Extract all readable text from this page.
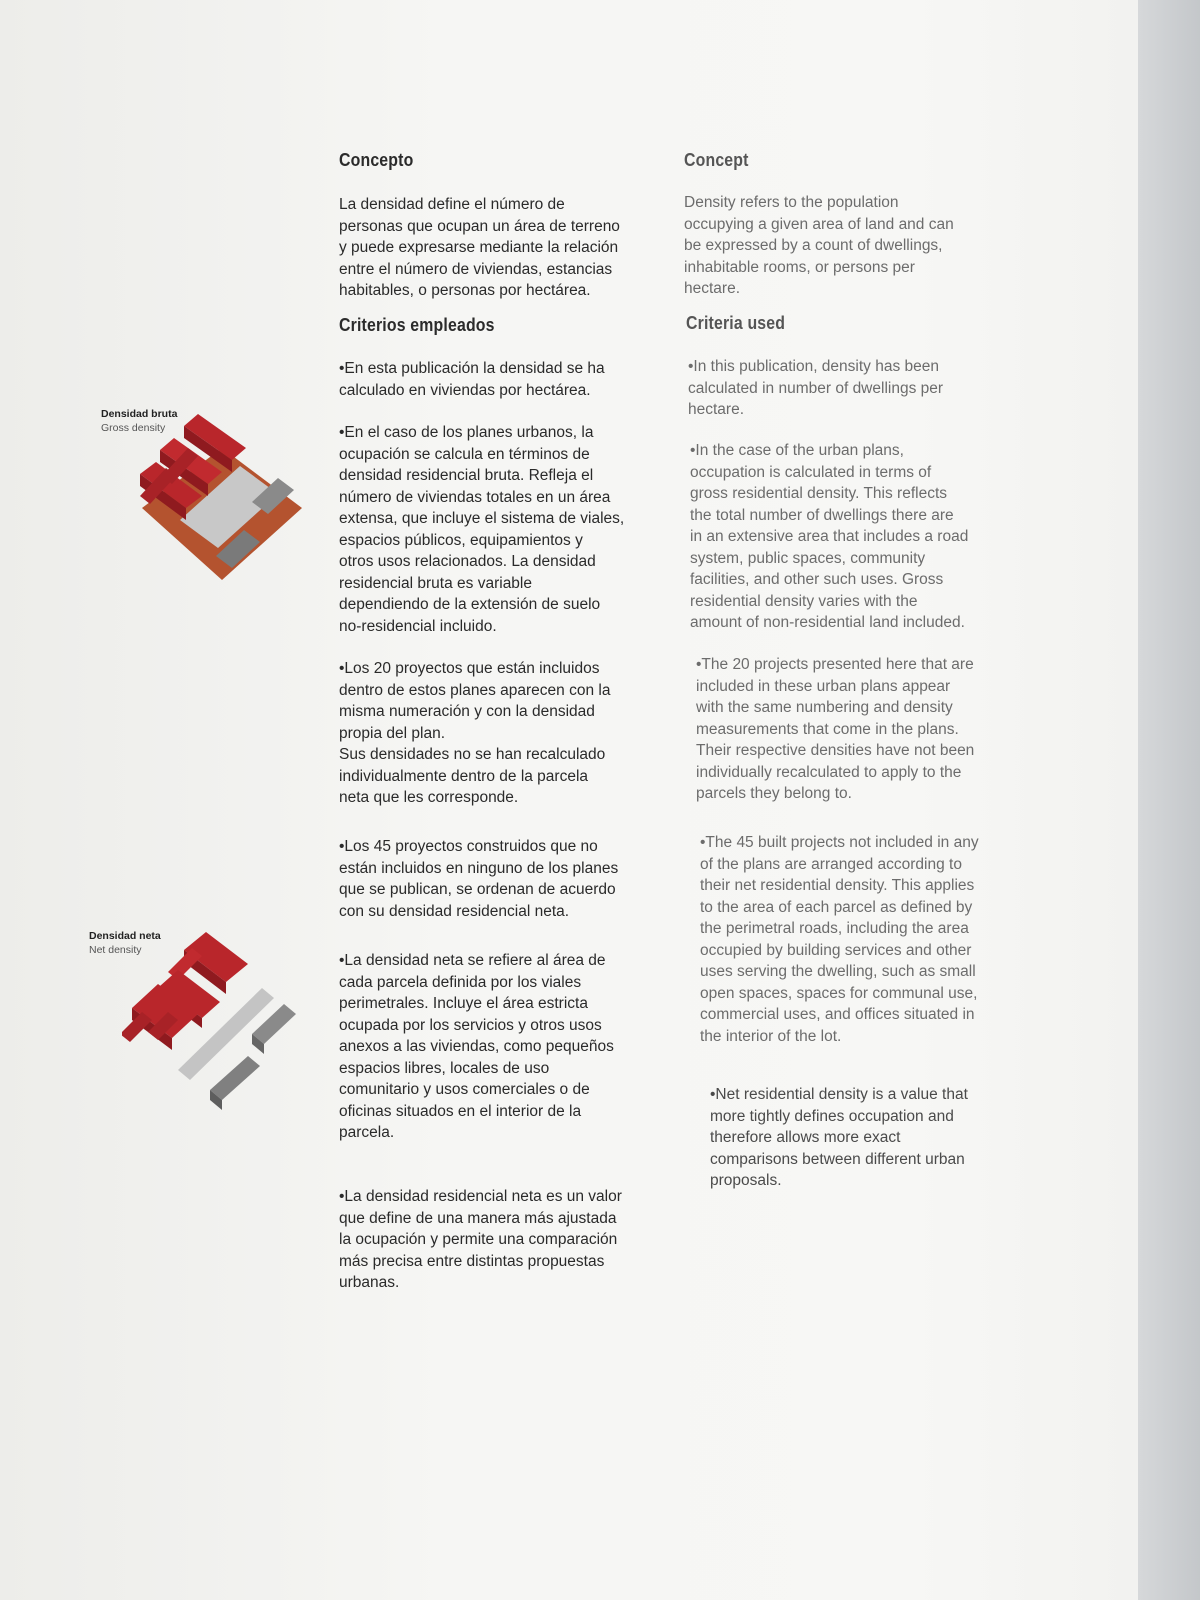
Concepto

La densidad define el número de
personas que ocupan un área de terreno
y puede expresarse mediante la relación
entre el número de viviendas, estancias
habitables, o personas por hectárea.

Criterios empleados

•En esta publicación la densidad se ha
calculado en viviendas por hectárea.

•En el caso de los planes urbanos, la
ocupación se calcula en términos de
densidad residencial bruta. Refleja el
número de viviendas totales en un área
extensa, que incluye el sistema de viales,
espacios públicos, equipamientos y
otros usos relacionados. La densidad
residencial bruta es variable
dependiendo de la extensión de suelo
no-residencial incluido.

•Los 20 proyectos que están incluidos
dentro de estos planes aparecen con la
misma numeración y con la densidad
propia del plan.
Sus densidades no se han recalculado
individualmente dentro de la parcela
neta que les corresponde.

•Los 45 proyectos construidos que no
están incluidos en ninguno de los planes
que se publican, se ordenan de acuerdo
con su densidad residencial neta.

•La densidad neta se refiere al área de
cada parcela definida por los viales
perimetrales. Incluye el área estricta
ocupada por los servicios y otros usos
anexos a las viviendas, como pequeños
espacios libres, locales de uso
comunitario y usos comerciales o de
oficinas situados en el interior de la
parcela.

•La densidad residencial neta es un valor
que define de una manera más ajustada
la ocupación y permite una comparación
más precisa entre distintas propuestas
urbanas.

Concept

Density refers to the population
occupying a given area of land and can
be expressed by a count of dwellings,
inhabitable rooms, or persons per
hectare.

Criteria used

•In this publication, density has been
calculated in number of dwellings per
hectare.

•In the case of the urban plans,
occupation is calculated in terms of
gross residential density. This reflects
the total number of dwellings there are
in an extensive area that includes a road
system, public spaces, community
facilities, and other such uses. Gross
residential density varies with the
amount of non-residential land included.

•The 20 projects presented here that are
included in these urban plans appear
with the same numbering and density
measurements that come in the plans.
Their respective densities have not been
individually recalculated to apply to the
parcels they belong to.

•The 45 built projects not included in any
of the plans are arranged according to
their net residential density. This applies
to the area of each parcel as defined by
the perimetral roads, including the area
occupied by building services and other
uses serving the dwelling, such as small
open spaces, spaces for communal use,
commercial uses, and offices situated in
the interior of the lot.

•Net residential density is a value that
more tightly defines occupation and
therefore allows more exact
comparisons between different urban
proposals.

Densidad bruta
Gross density
Densidad neta
Net density
